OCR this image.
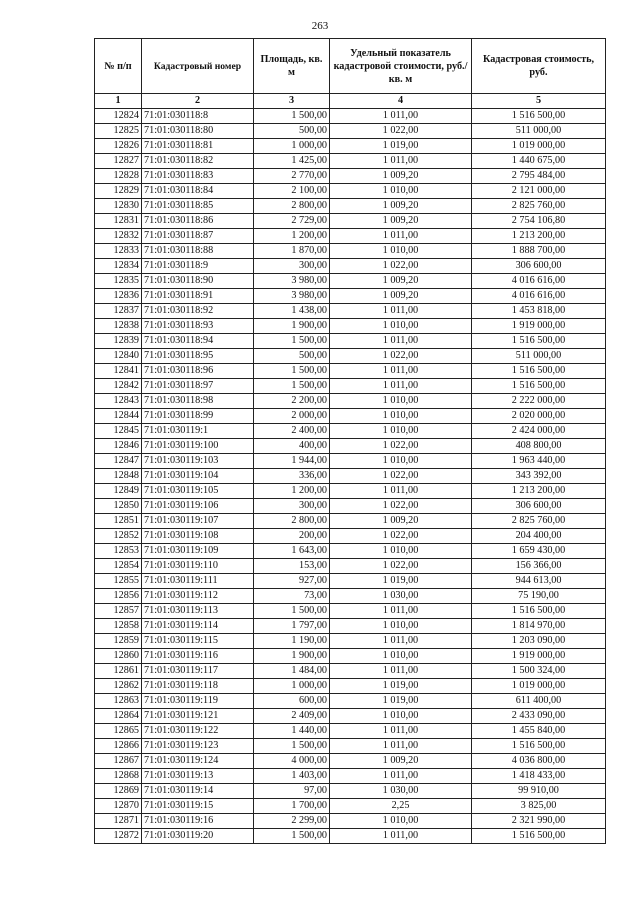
263
№ п/п	Кадастровый номер	Площадь, кв. м	Удельный показатель кадастровой стоимости, руб./кв. м	Кадастровая стоимость, руб.
1	2	3	4	5
12824	71:01:030118:8	1 500,00	1 011,00	1 516 500,00
12825	71:01:030118:80	500,00	1 022,00	511 000,00
12826	71:01:030118:81	1 000,00	1 019,00	1 019 000,00
12827	71:01:030118:82	1 425,00	1 011,00	1 440 675,00
12828	71:01:030118:83	2 770,00	1 009,20	2 795 484,00
12829	71:01:030118:84	2 100,00	1 010,00	2 121 000,00
12830	71:01:030118:85	2 800,00	1 009,20	2 825 760,00
12831	71:01:030118:86	2 729,00	1 009,20	2 754 106,80
12832	71:01:030118:87	1 200,00	1 011,00	1 213 200,00
12833	71:01:030118:88	1 870,00	1 010,00	1 888 700,00
12834	71:01:030118:9	300,00	1 022,00	306 600,00
12835	71:01:030118:90	3 980,00	1 009,20	4 016 616,00
12836	71:01:030118:91	3 980,00	1 009,20	4 016 616,00
12837	71:01:030118:92	1 438,00	1 011,00	1 453 818,00
12838	71:01:030118:93	1 900,00	1 010,00	1 919 000,00
12839	71:01:030118:94	1 500,00	1 011,00	1 516 500,00
12840	71:01:030118:95	500,00	1 022,00	511 000,00
12841	71:01:030118:96	1 500,00	1 011,00	1 516 500,00
12842	71:01:030118:97	1 500,00	1 011,00	1 516 500,00
12843	71:01:030118:98	2 200,00	1 010,00	2 222 000,00
12844	71:01:030118:99	2 000,00	1 010,00	2 020 000,00
12845	71:01:030119:1	2 400,00	1 010,00	2 424 000,00
12846	71:01:030119:100	400,00	1 022,00	408 800,00
12847	71:01:030119:103	1 944,00	1 010,00	1 963 440,00
12848	71:01:030119:104	336,00	1 022,00	343 392,00
12849	71:01:030119:105	1 200,00	1 011,00	1 213 200,00
12850	71:01:030119:106	300,00	1 022,00	306 600,00
12851	71:01:030119:107	2 800,00	1 009,20	2 825 760,00
12852	71:01:030119:108	200,00	1 022,00	204 400,00
12853	71:01:030119:109	1 643,00	1 010,00	1 659 430,00
12854	71:01:030119:110	153,00	1 022,00	156 366,00
12855	71:01:030119:111	927,00	1 019,00	944 613,00
12856	71:01:030119:112	73,00	1 030,00	75 190,00
12857	71:01:030119:113	1 500,00	1 011,00	1 516 500,00
12858	71:01:030119:114	1 797,00	1 010,00	1 814 970,00
12859	71:01:030119:115	1 190,00	1 011,00	1 203 090,00
12860	71:01:030119:116	1 900,00	1 010,00	1 919 000,00
12861	71:01:030119:117	1 484,00	1 011,00	1 500 324,00
12862	71:01:030119:118	1 000,00	1 019,00	1 019 000,00
12863	71:01:030119:119	600,00	1 019,00	611 400,00
12864	71:01:030119:121	2 409,00	1 010,00	2 433 090,00
12865	71:01:030119:122	1 440,00	1 011,00	1 455 840,00
12866	71:01:030119:123	1 500,00	1 011,00	1 516 500,00
12867	71:01:030119:124	4 000,00	1 009,20	4 036 800,00
12868	71:01:030119:13	1 403,00	1 011,00	1 418 433,00
12869	71:01:030119:14	97,00	1 030,00	99 910,00
12870	71:01:030119:15	1 700,00	2,25	3 825,00
12871	71:01:030119:16	2 299,00	1 010,00	2 321 990,00
12872	71:01:030119:20	1 500,00	1 011,00	1 516 500,00
